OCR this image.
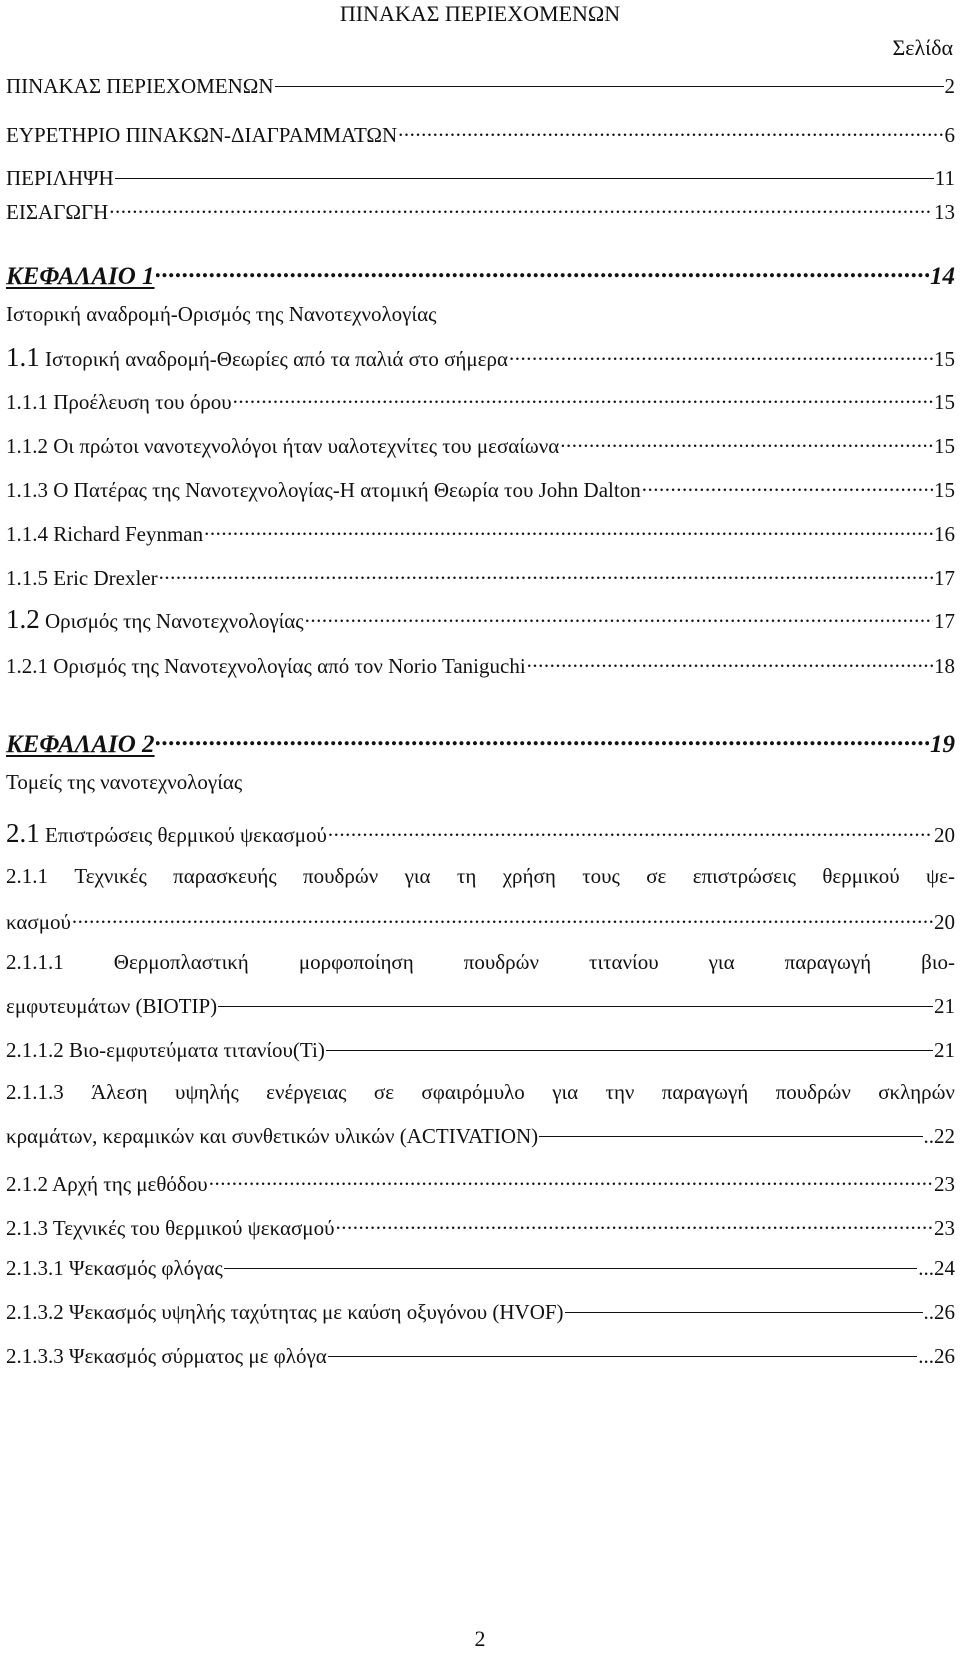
ΠΙΝΑΚΑΣ ΠΕΡΙΕΧΟΜΕΝΩΝ
Σελίδα
ΠΙΝΑΚΑΣ ΠΕΡΙΕΧΟΜΕΝΩΝ	2
ΕΥΡΕΤΗΡΙΟ ΠΙΝΑΚΩΝ-ΔΙΑΓΡΑΜΜΑΤΩΝ .....	6
ΠΕΡΙΛΗΨΗ	11
ΕΙΣΑΓΩΓΗ .....	13
ΚΕΦΑΛΑΙΟ 1 .....	14
Ιστορική αναδρομή-Ορισμός της Νανοτεχνολογίας
1.1 Ιστορική αναδρομή-Θεωρίες από τα παλιά στο σήμερα .....	15
1.1.1 Προέλευση του όρου .....	15
1.1.2 Οι πρώτοι νανοτεχνολόγοι ήταν υαλοτεχνίτες του μεσαίωνα .....	15
1.1.3 Ο Πατέρας της Νανοτεχνολογίας-Η ατομική Θεωρία του John Dalton .....	15
1.1.4 Richard Feynman .....	16
1.1.5 Eric Drexler .....	17
1.2 Ορισμός της Νανοτεχνολογίας .....	17
1.2.1 Ορισμός της Νανοτεχνολογίας από τον Norio Taniguchi .....	18
ΚΕΦΑΛΑΙΟ 2 .....	19
Τομείς της νανοτεχνολογίας
2.1 Επιστρώσεις θερμικού ψεκασμού .....	20
2.1.1 Τεχνικές παρασκευής πουδρών για τη χρήση τους σε επιστρώσεις θερμικού ψε-
κασμού .....	20
2.1.1.1 Θερμοπλαστική μορφοποίηση πουδρών τιτανίου για παραγωγή βιο-
εμφυτευμάτων (BIOTIP)	21
2.1.1.2 Βιο-εμφυτεύματα τιτανίου(Ti)	21
2.1.1.3 Άλεση υψηλής ενέργειας σε σφαιρόμυλο για την παραγωγή πουδρών σκληρών
κραμάτων, κεραμικών και συνθετικών υλικών (ACTIVATION)	..22
2.1.2 Αρχή της μεθόδου .....	23
2.1.3 Τεχνικές του θερμικού ψεκασμού .....	23
2.1.3.1 Ψεκασμός φλόγας	...24
2.1.3.2 Ψεκασμός υψηλής ταχύτητας με καύση οξυγόνου (HVOF)	..26
2.1.3.3 Ψεκασμός σύρματος με φλόγα	...26
2
